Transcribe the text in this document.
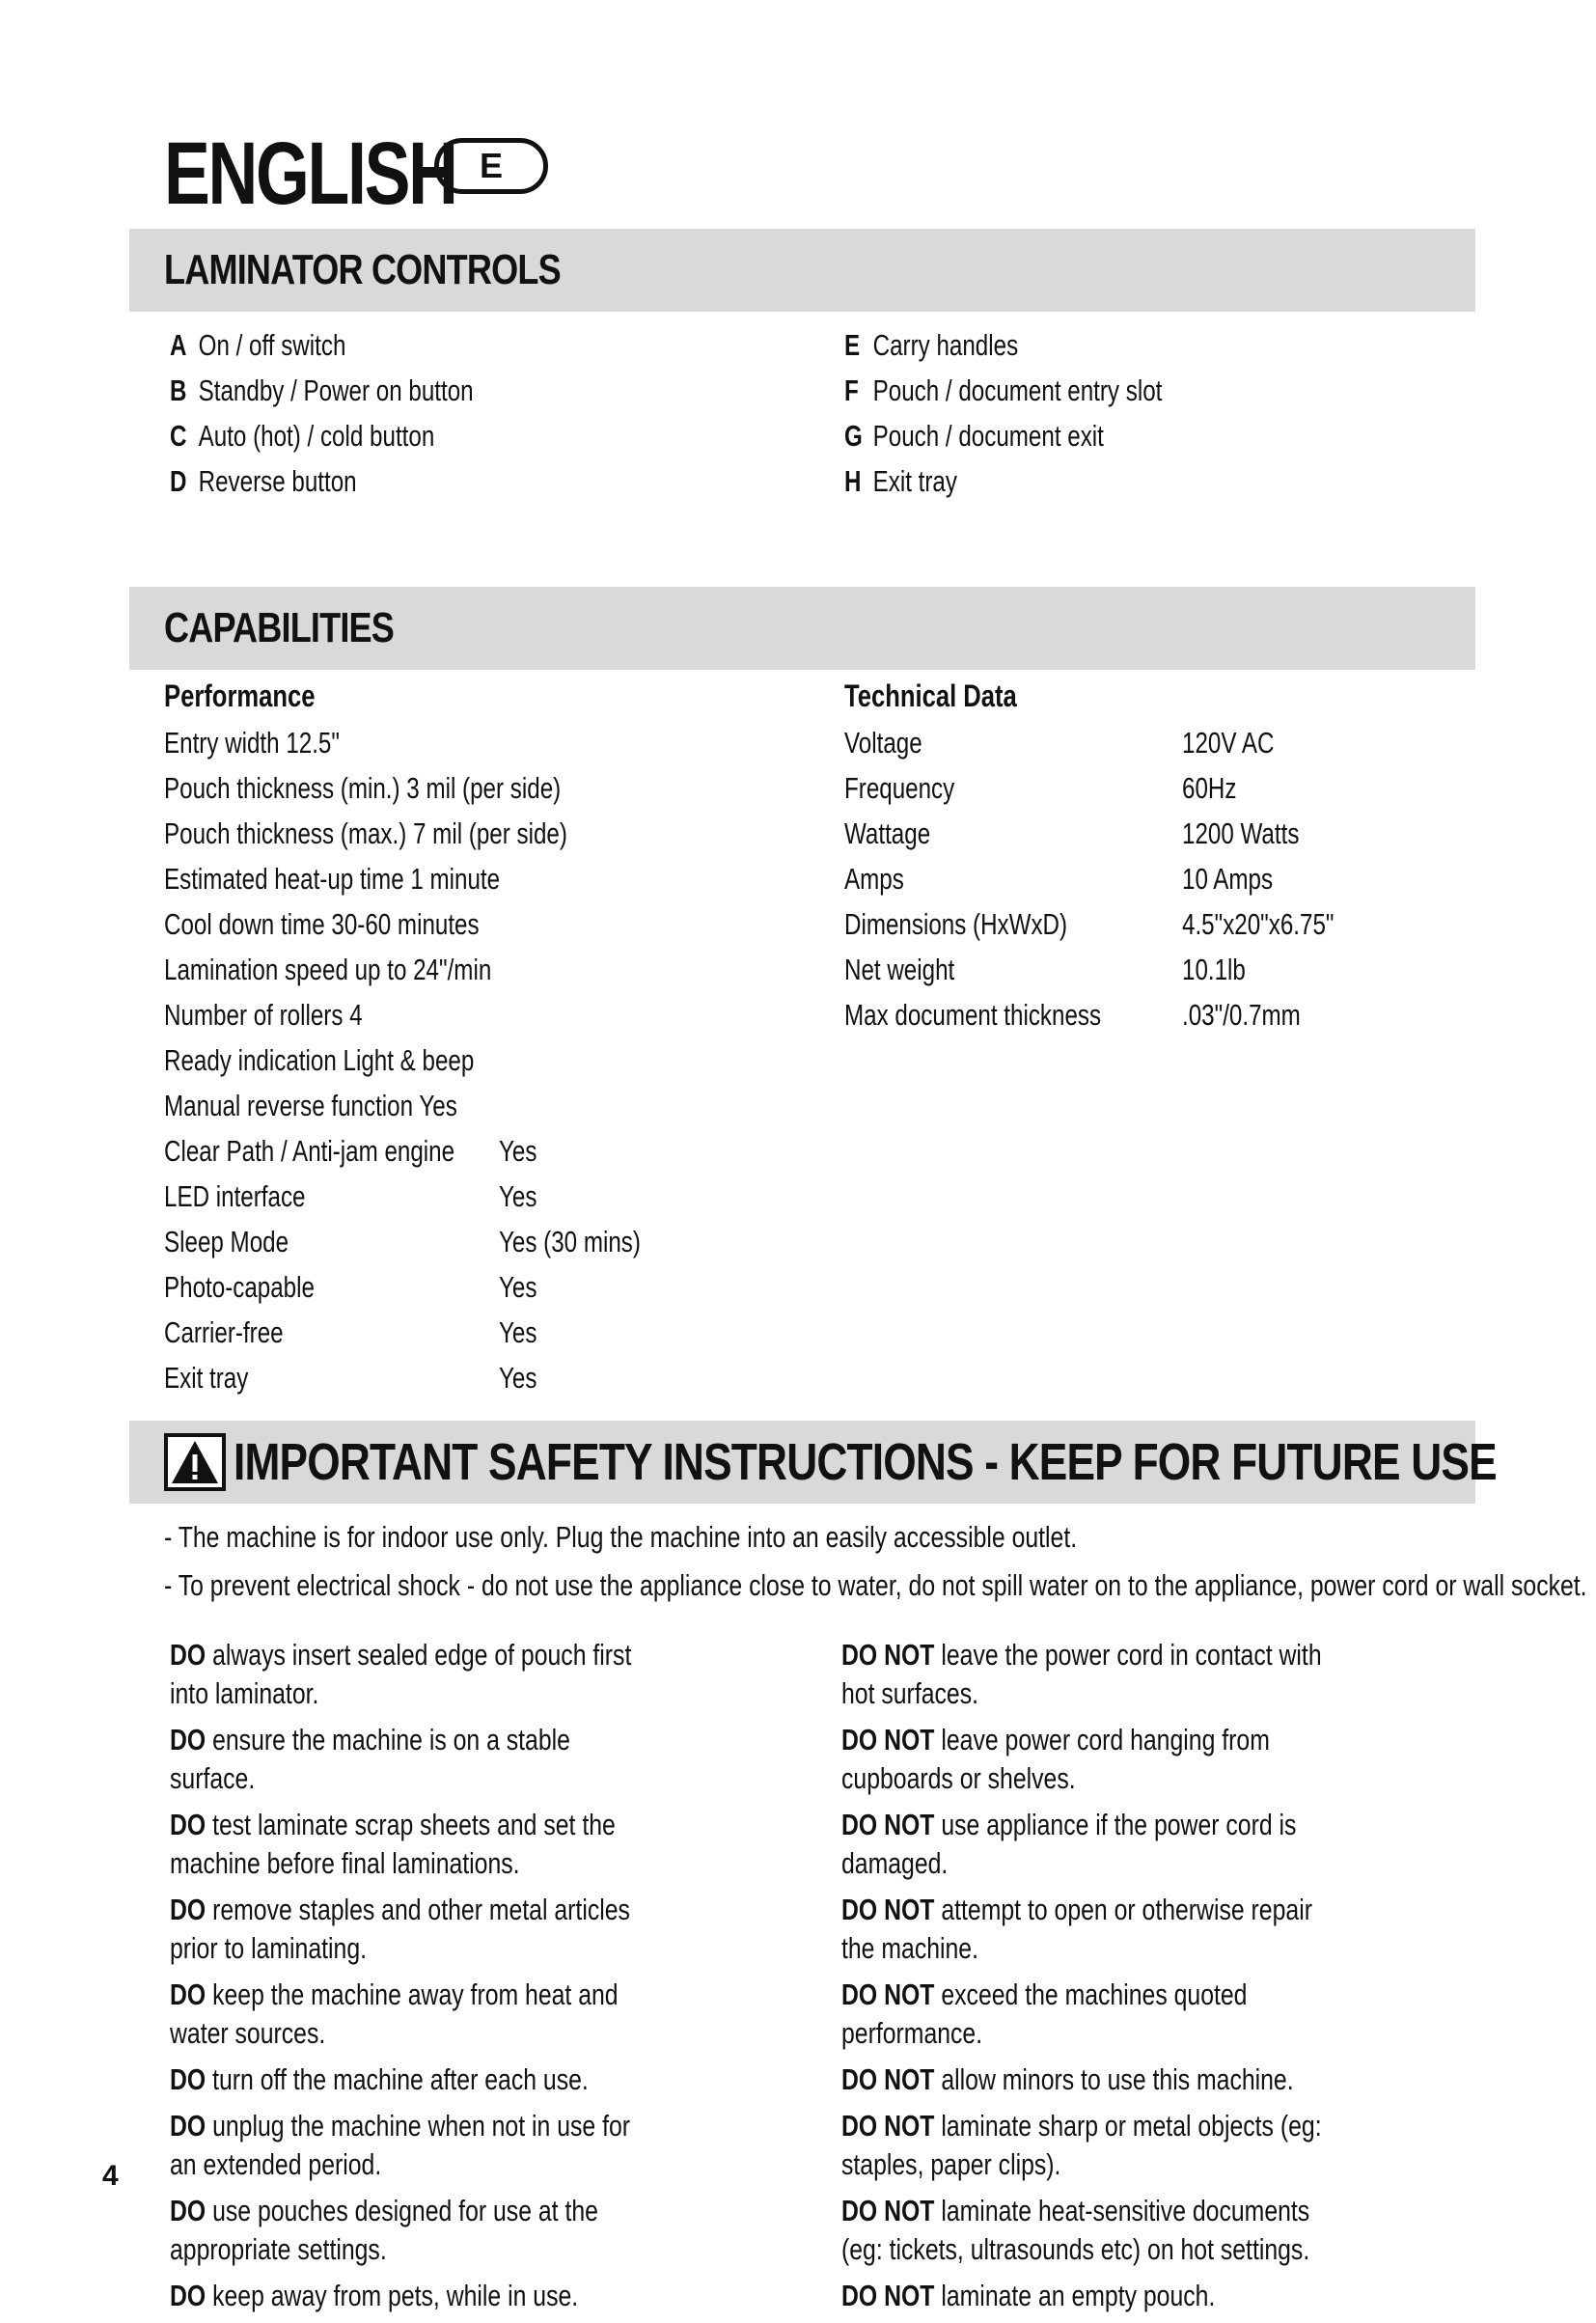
ENGLISH E
LAMINATOR CONTROLS
A On / off switch
B Standby / Power on button
C Auto (hot) / cold button
D Reverse button
E Carry handles
F Pouch / document entry slot
G Pouch / document exit
H Exit tray
CAPABILITIES
Performance
Entry width 12.5"
Pouch thickness (min.) 3 mil (per side)
Pouch thickness (max.) 7 mil (per side)
Estimated heat-up time 1 minute
Cool down time 30-60 minutes
Lamination speed up to 24"/min
Number of rollers 4
Ready indication Light & beep
Manual reverse function Yes
Clear Path / Anti-jam engine Yes
LED interface	Yes
Sleep Mode	Yes (30 mins)
Photo-capable	Yes
Carrier-free	Yes
Exit tray	Yes
Technical Data
Voltage	120V AC
Frequency	60Hz
Wattage	1200 Watts
Amps	10 Amps
Dimensions (HxWxD)	4.5"x20"x6.75"
Net weight	10.1lb
Max document thickness	.03"/0.7mm
IMPORTANT SAFETY INSTRUCTIONS - KEEP FOR FUTURE USE
- The machine is for indoor use only. Plug the machine into an easily accessible outlet.
- To prevent electrical shock - do not use the appliance close to water, do not spill water on to the appliance, power cord or wall socket.
DO always insert sealed edge of pouch first into laminator.
DO ensure the machine is on a stable surface.
DO test laminate scrap sheets and set the machine before final laminations.
DO remove staples and other metal articles prior to laminating.
DO keep the machine away from heat and water sources.
DO turn off the machine after each use.
DO unplug the machine when not in use for an extended period.
DO use pouches designed for use at the appropriate settings.
DO keep away from pets, while in use.
DO NOT leave the power cord in contact with hot surfaces.
DO NOT leave power cord hanging from cupboards or shelves.
DO NOT use appliance if the power cord is damaged.
DO NOT attempt to open or otherwise repair the machine.
DO NOT exceed the machines quoted performance.
DO NOT allow minors to use this machine.
DO NOT laminate sharp or metal objects (eg: staples, paper clips).
DO NOT laminate heat-sensitive documents (eg: tickets, ultrasounds etc) on hot settings.
DO NOT laminate an empty pouch.
4
